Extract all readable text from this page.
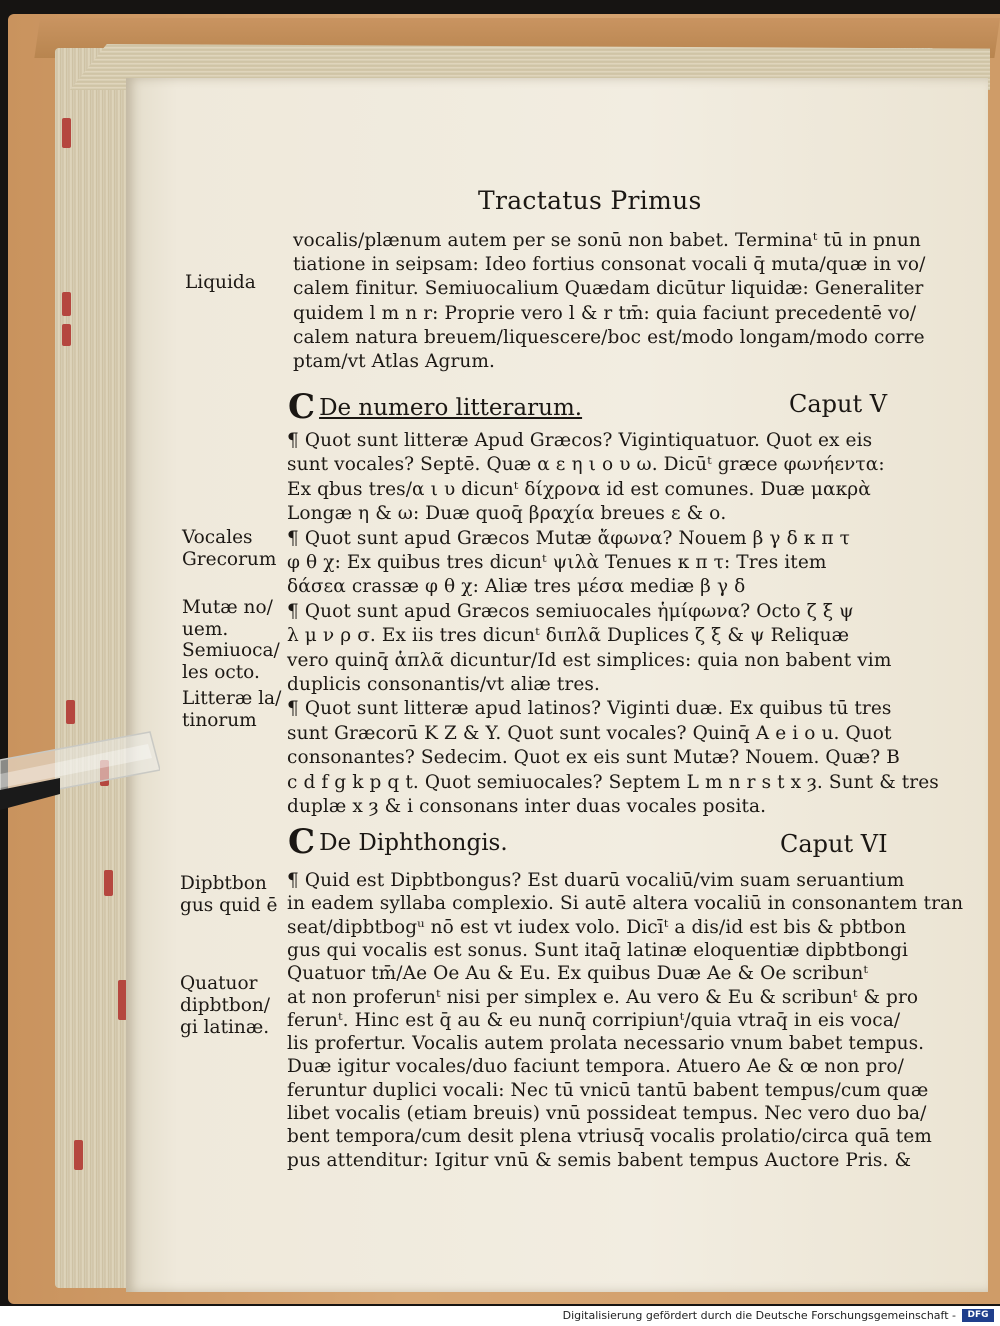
Tractatus Primus
vocalis/plænum autem per se sonū non babet. Terminaᵗ tū in pnun
tiatione in seipsam: Ideo fortius consonat vocali q̄ muta/quæ in vo/
calem finitur. Semiuocalium Quædam dicūtur liquidæ: Generaliter
quidem l m n r: Proprie vero l & r tm̄: quia faciunt precedentē vo/
calem natura breuem/liquescere/boc est/modo longam/modo corre
ptam/vt Atlas Agrum.
Liquida
C De numero litterarum.	Caput V
¶ Quot sunt litteræ Apud Græcos? Vigintiquatuor. Quot ex eis
sunt vocales? Septē. Quæ α ε η ι ο υ ω. Dicūᵗ græce φωνήεντα:
Ex qbus tres/α ι υ dicunᵗ δίχρονα id est comunes. Duæ μακρὰ
Longæ η & ω: Duæ quoq̄ βραχία breues ε & ο.
¶ Quot sunt apud Græcos Mutæ ἄφωνα? Nouem β γ δ κ π τ
φ θ χ: Ex quibus tres dicunᵗ ψιλὰ Tenues κ π τ: Tres item
δάσεα crassæ φ θ χ: Aliæ tres μέσα mediæ β γ δ
¶ Quot sunt apud Græcos semiuocales ἡμίφωνα? Octo ζ ξ ψ
λ μ ν ρ σ. Ex iis tres dicunᵗ διπλᾶ Duplices ζ ξ & ψ Reliquæ
vero quinq̄ ἁπλᾶ dicuntur/Id est simplices: quia non babent vim
duplicis consonantis/vt aliæ tres.
¶ Quot sunt litteræ apud latinos? Viginti duæ. Ex quibus tū tres
sunt Græcorū K Z & Y. Quot sunt vocales? Quinq̄ A e i o u. Quot
consonantes? Sedecim. Quot ex eis sunt Mutæ? Nouem. Quæ? B
c d f g k p q t. Quot semiuocales? Septem L m n r s t x ȝ. Sunt & tres
duplæ x ȝ & i consonans inter duas vocales posita.
Vocales
Grecorum
Mutæ no/
uem.
Semiuoca/
les octo.
Litteræ la/
tinorum
C De Diphthongis.	Caput VI
¶ Quid est Dipbtbongus? Est duarū vocaliū/vim suam seruantium
in eadem syllaba complexio. Si autē altera vocaliū in consonantem tran
seat/dipbtbogᵘ nō est vt iudex volo. Dicīᵗ a dis/id est bis & pbtbon
gus qui vocalis est sonus. Sunt itaq̄ latinæ eloquentiæ dipbtbongi
Quatuor tm̄/Ae Oe Au & Eu. Ex quibus Duæ Ae & Oe scribunᵗ
at non proferunᵗ nisi per simplex e. Au vero & Eu & scribunᵗ & pro
ferunᵗ. Hinc est q̄ au & eu nunq̄ corripiunᵗ/quia vtraq̄ in eis voca/
lis profertur. Vocalis autem prolata necessario vnum babet tempus.
Duæ igitur vocales/duo faciunt tempora. Atuero Ae & œ non pro/
feruntur duplici vocali: Nec tū vnicū tantū babent tempus/cum quæ
libet vocalis (etiam breuis) vnū possideat tempus. Nec vero duo ba/
bent tempora/cum desit plena vtriusq̄ vocalis prolatio/circa quā tem
pus attenditur: Igitur vnū & semis babent tempus Auctore Pris. &
Dipbtbon
gus quid ē
Quatuor
dipbtbon/
gi latinæ.
Digitalisierung gefördert durch die Deutsche Forschungsgemeinschaft -	DFG
